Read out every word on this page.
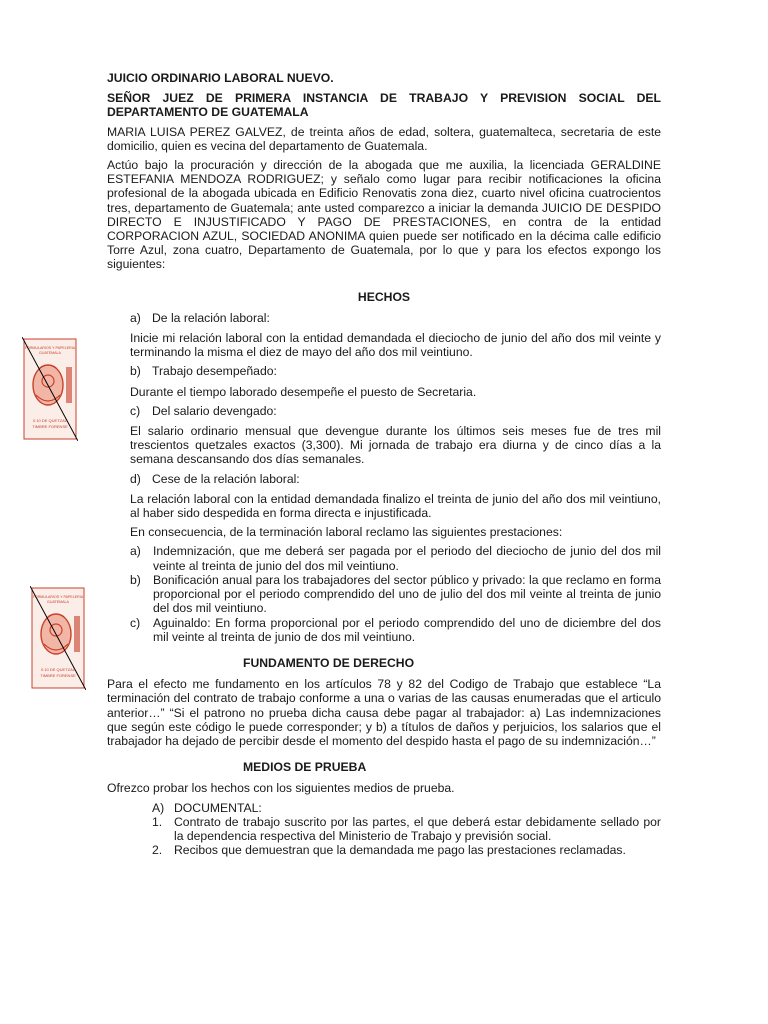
FORMULARIOS Y PAPELERIA
GUATEMALA
0.10 DE QUETZAL
TIMBRE FORENSE
FORMULARIOS Y PAPELERIA
GUATEMALA
0.10 DE QUETZAL
TIMBRE FORENSE
JUICIO ORDINARIO LABORAL NUEVO.
SEÑOR JUEZ DE PRIMERA INSTANCIA DE TRABAJO Y PREVISION SOCIAL DEL DEPARTAMENTO DE GUATEMALA
MARIA LUISA PEREZ GALVEZ, de treinta años de edad, soltera, guatemalteca, secretaria de este domicilio, quien es vecina del departamento de Guatemala.
Actúo bajo la procuración y dirección de la abogada que me auxilia, la licenciada GERALDINE ESTEFANIA MENDOZA RODRIGUEZ; y señalo como lugar para recibir notificaciones la oficina profesional de la abogada ubicada en Edificio Renovatis zona diez, cuarto nivel oficina cuatrocientos tres, departamento de Guatemala; ante usted comparezco a iniciar la demanda JUICIO DE DESPIDO DIRECTO E INJUSTIFICADO Y PAGO DE PRESTACIONES, en contra de la entidad CORPORACION AZUL, SOCIEDAD ANONIMA quien puede ser notificado en la décima calle edificio Torre Azul, zona cuatro, Departamento de Guatemala, por lo que y para los efectos expongo los siguientes:
HECHOS
a) De la relación laboral:
Inicie mi relación laboral con la entidad demandada el dieciocho de junio del año dos mil veinte y terminando la misma el diez de mayo del año dos mil veintiuno.
b) Trabajo desempeñado:
Durante el tiempo laborado desempeñe el puesto de Secretaria.
c) Del salario devengado:
El salario ordinario mensual que devengue durante los últimos seis meses fue de tres mil trescientos quetzales exactos (3,300). Mi jornada de trabajo era diurna y de cinco días a la semana descansando dos días semanales.
d) Cese de la relación laboral:
La relación laboral con la entidad demandada finalizo el treinta de junio del año dos mil veintiuno, al haber sido despedida en forma directa e injustificada.
En consecuencia, de la terminación laboral reclamo las siguientes prestaciones:
a) Indemnización, que me deberá ser pagada por el periodo del dieciocho de junio del dos mil veinte al treinta de junio del dos mil veintiuno.
b) Bonificación anual para los trabajadores del sector público y privado: la que reclamo en forma proporcional por el periodo comprendido del uno de julio del dos mil veinte al treinta de junio del dos mil veintiuno.
c)	Aguinaldo: En forma proporcional por el periodo comprendido del uno de diciembre del dos mil veinte al treinta de junio de dos mil veintiuno.
FUNDAMENTO DE DERECHO
Para el efecto me fundamento en los artículos 78 y 82 del Codigo de Trabajo que establece “La terminación del contrato de trabajo conforme a una o varias de las causas enumeradas que el articulo anterior…” “Si el patrono no prueba dicha causa debe pagar al trabajador: a) Las indemnizaciones que según este código le puede corresponder; y b) a títulos de daños y perjuicios, los salarios que el trabajador ha dejado de percibir desde el momento del despido hasta el pago de su indemnización…”
MEDIOS DE PRUEBA
Ofrezco probar los hechos con los siguientes medios de prueba.
A) DOCUMENTAL:
1. Contrato de trabajo suscrito por las partes, el que deberá estar debidamente sellado por la dependencia respectiva del Ministerio de Trabajo y previsión social.
2. Recibos que demuestran que la demandada me pago las prestaciones reclamadas.
